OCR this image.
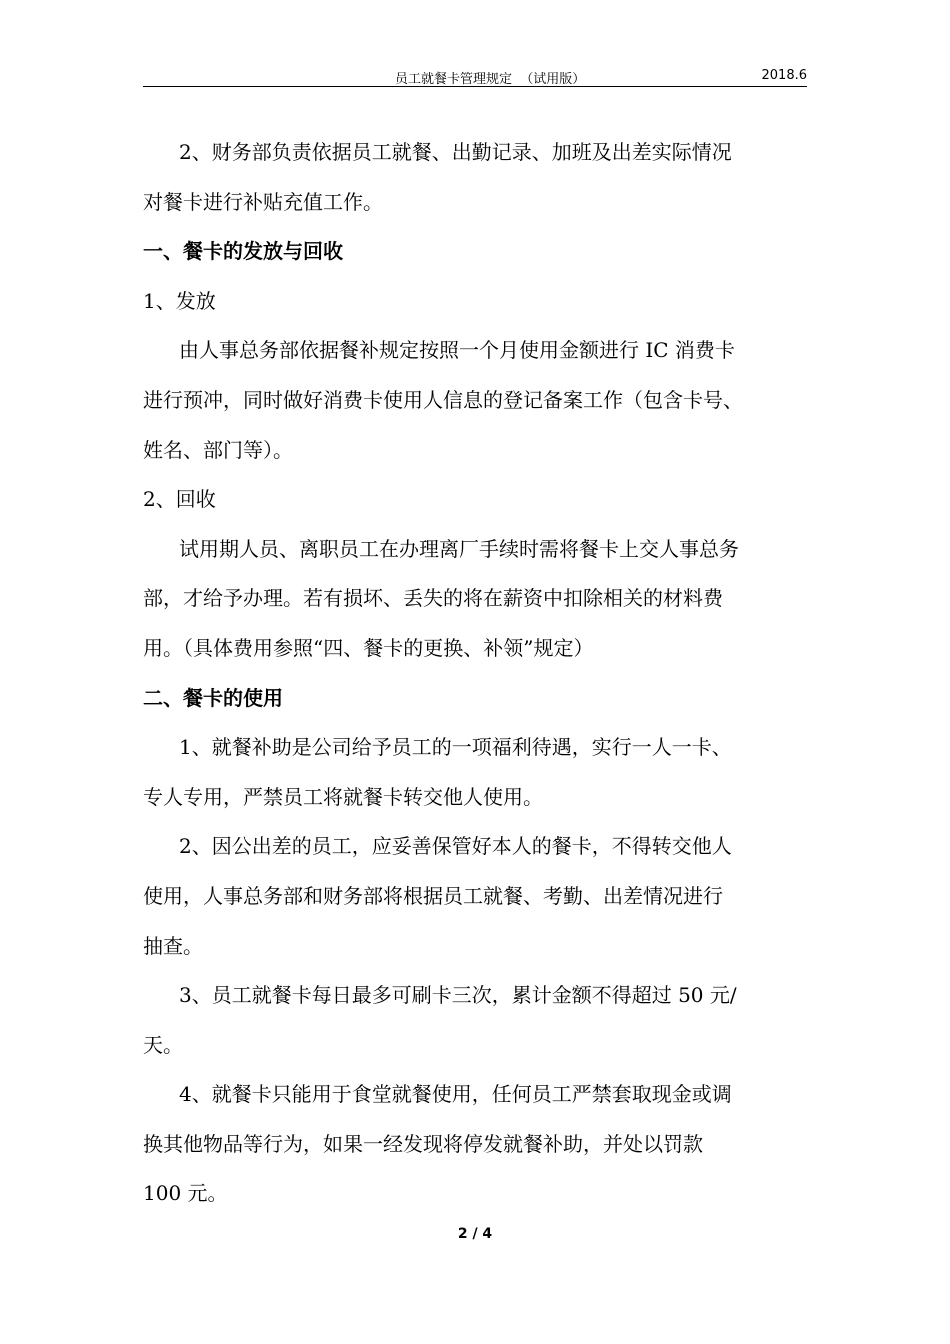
员工就餐卡管理规定  （试用版）	2018.6
2、财务部负责依据员工就餐、出勤记录、加班及出差实际情况
对餐卡进行补贴充值工作。
一、餐卡的发放与回收
1、发放
由人事总务部依据餐补规定按照一个月使用金额进行 IC 消费卡
进行预冲，同时做好消费卡使用人信息的登记备案工作（包含卡号、
姓名、部门等）。
2、回收
试用期人员、离职员工在办理离厂手续时需将餐卡上交人事总务
部，才给予办理。若有损坏、丢失的将在薪资中扣除相关的材料费
用。（具体费用参照“四、餐卡的更换、补领”规定）
二、餐卡的使用
1、就餐补助是公司给予员工的一项福利待遇，实行一人一卡、
专人专用，严禁员工将就餐卡转交他人使用。
2、因公出差的员工，应妥善保管好本人的餐卡，不得转交他人
使用，人事总务部和财务部将根据员工就餐、考勤、出差情况进行
抽查。
3、员工就餐卡每日最多可刷卡三次，累计金额不得超过 50 元/
天。
4、就餐卡只能用于食堂就餐使用，任何员工严禁套取现金或调
换其他物品等行为，如果一经发现将停发就餐补助，并处以罚款
100 元。
2 / 4
